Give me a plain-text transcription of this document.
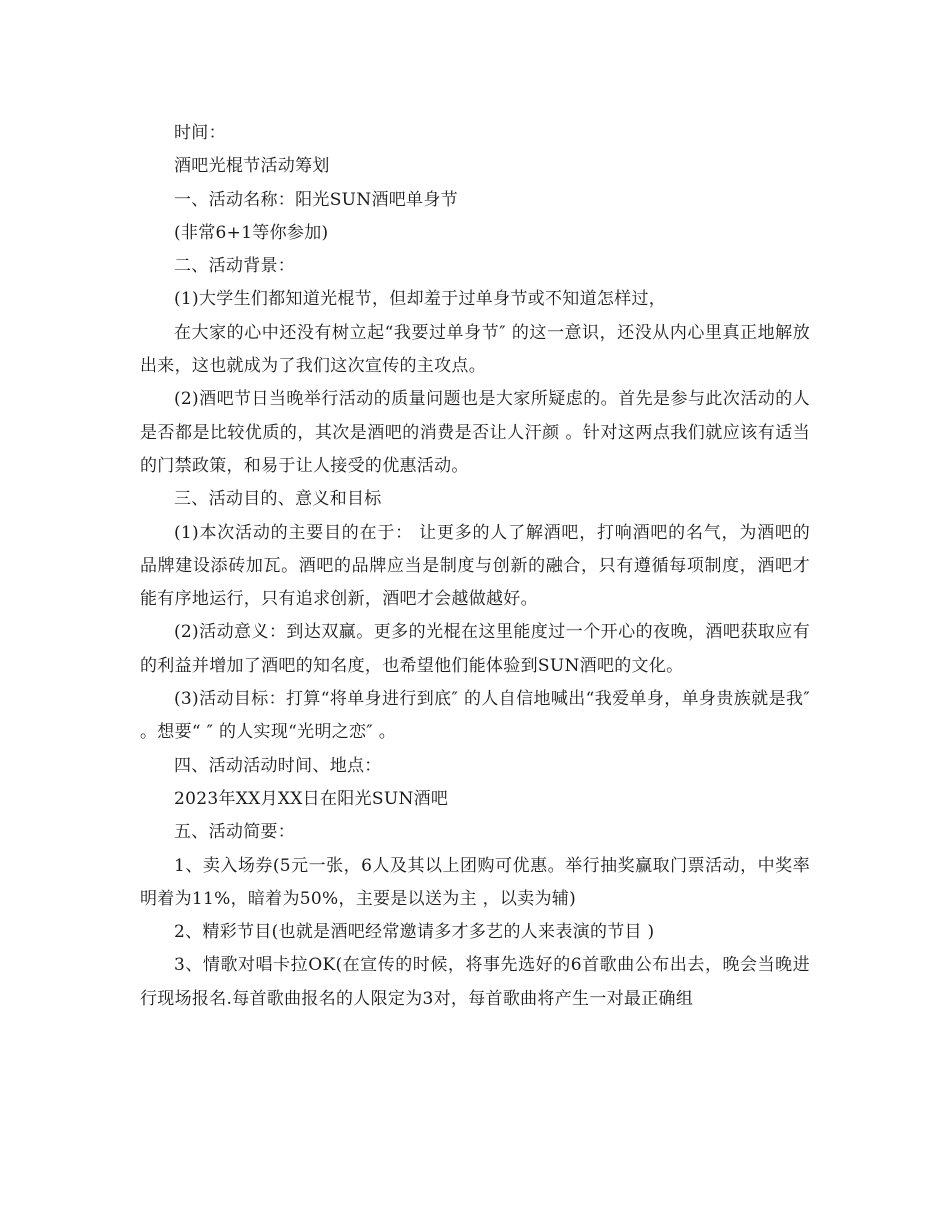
时间：

酒吧光棍节活动筹划

一、活动名称：阳光SUN酒吧单身节

(非常6+1等你参加)

二、活动背景：

(1)大学生们都知道光棍节，但却羞于过单身节或不知道怎样过，

在大家的心中还没有树立起“我要过单身节″ 的这一意识，还没从内心里真正地解放出来，这也就成为了我们这次宣传的主攻点。

(2)酒吧节日当晚举行活动的质量问题也是大家所疑虑的。首先是参与此次活动的人是否都是比较优质的，其次是酒吧的消费是否让人汗颜 。针对这两点我们就应该有适当的门禁政策，和易于让人接受的优惠活动。

三、活动目的、意义和目标

(1)本次活动的主要目的在于： 让更多的人了解酒吧，打响酒吧的名气，为酒吧的品牌建设添砖加瓦。酒吧的品牌应当是制度与创新的融合，只有遵循每项制度，酒吧才能有序地运行，只有追求创新，酒吧才会越做越好。

(2)活动意义：到达双赢。更多的光棍在这里能度过一个开心的夜晚，酒吧获取应有的利益并增加了酒吧的知名度，也希望他们能体验到SUN酒吧的文化。

(3)活动目标：打算“将单身进行到底″ 的人自信地喊出“我爱单身，单身贵族就是我″ 。想要“ ″ 的人实现“光明之恋″ 。

四、活动活动时间、地点：

2023年XX月XX日在阳光SUN酒吧

五、活动简要：

1、卖入场券(5元一张，6人及其以上团购可优惠。举行抽奖赢取门票活动，中奖率明着为11%，暗着为50%，主要是以送为主 ，以卖为辅)

2、精彩节目(也就是酒吧经常邀请多才多艺的人来表演的节目 )

3、情歌对唱卡拉OK(在宣传的时候，将事先选好的6首歌曲公布出去，晚会当晚进行现场报名.每首歌曲报名的人限定为3对，每首歌曲将产生一对最正确组
